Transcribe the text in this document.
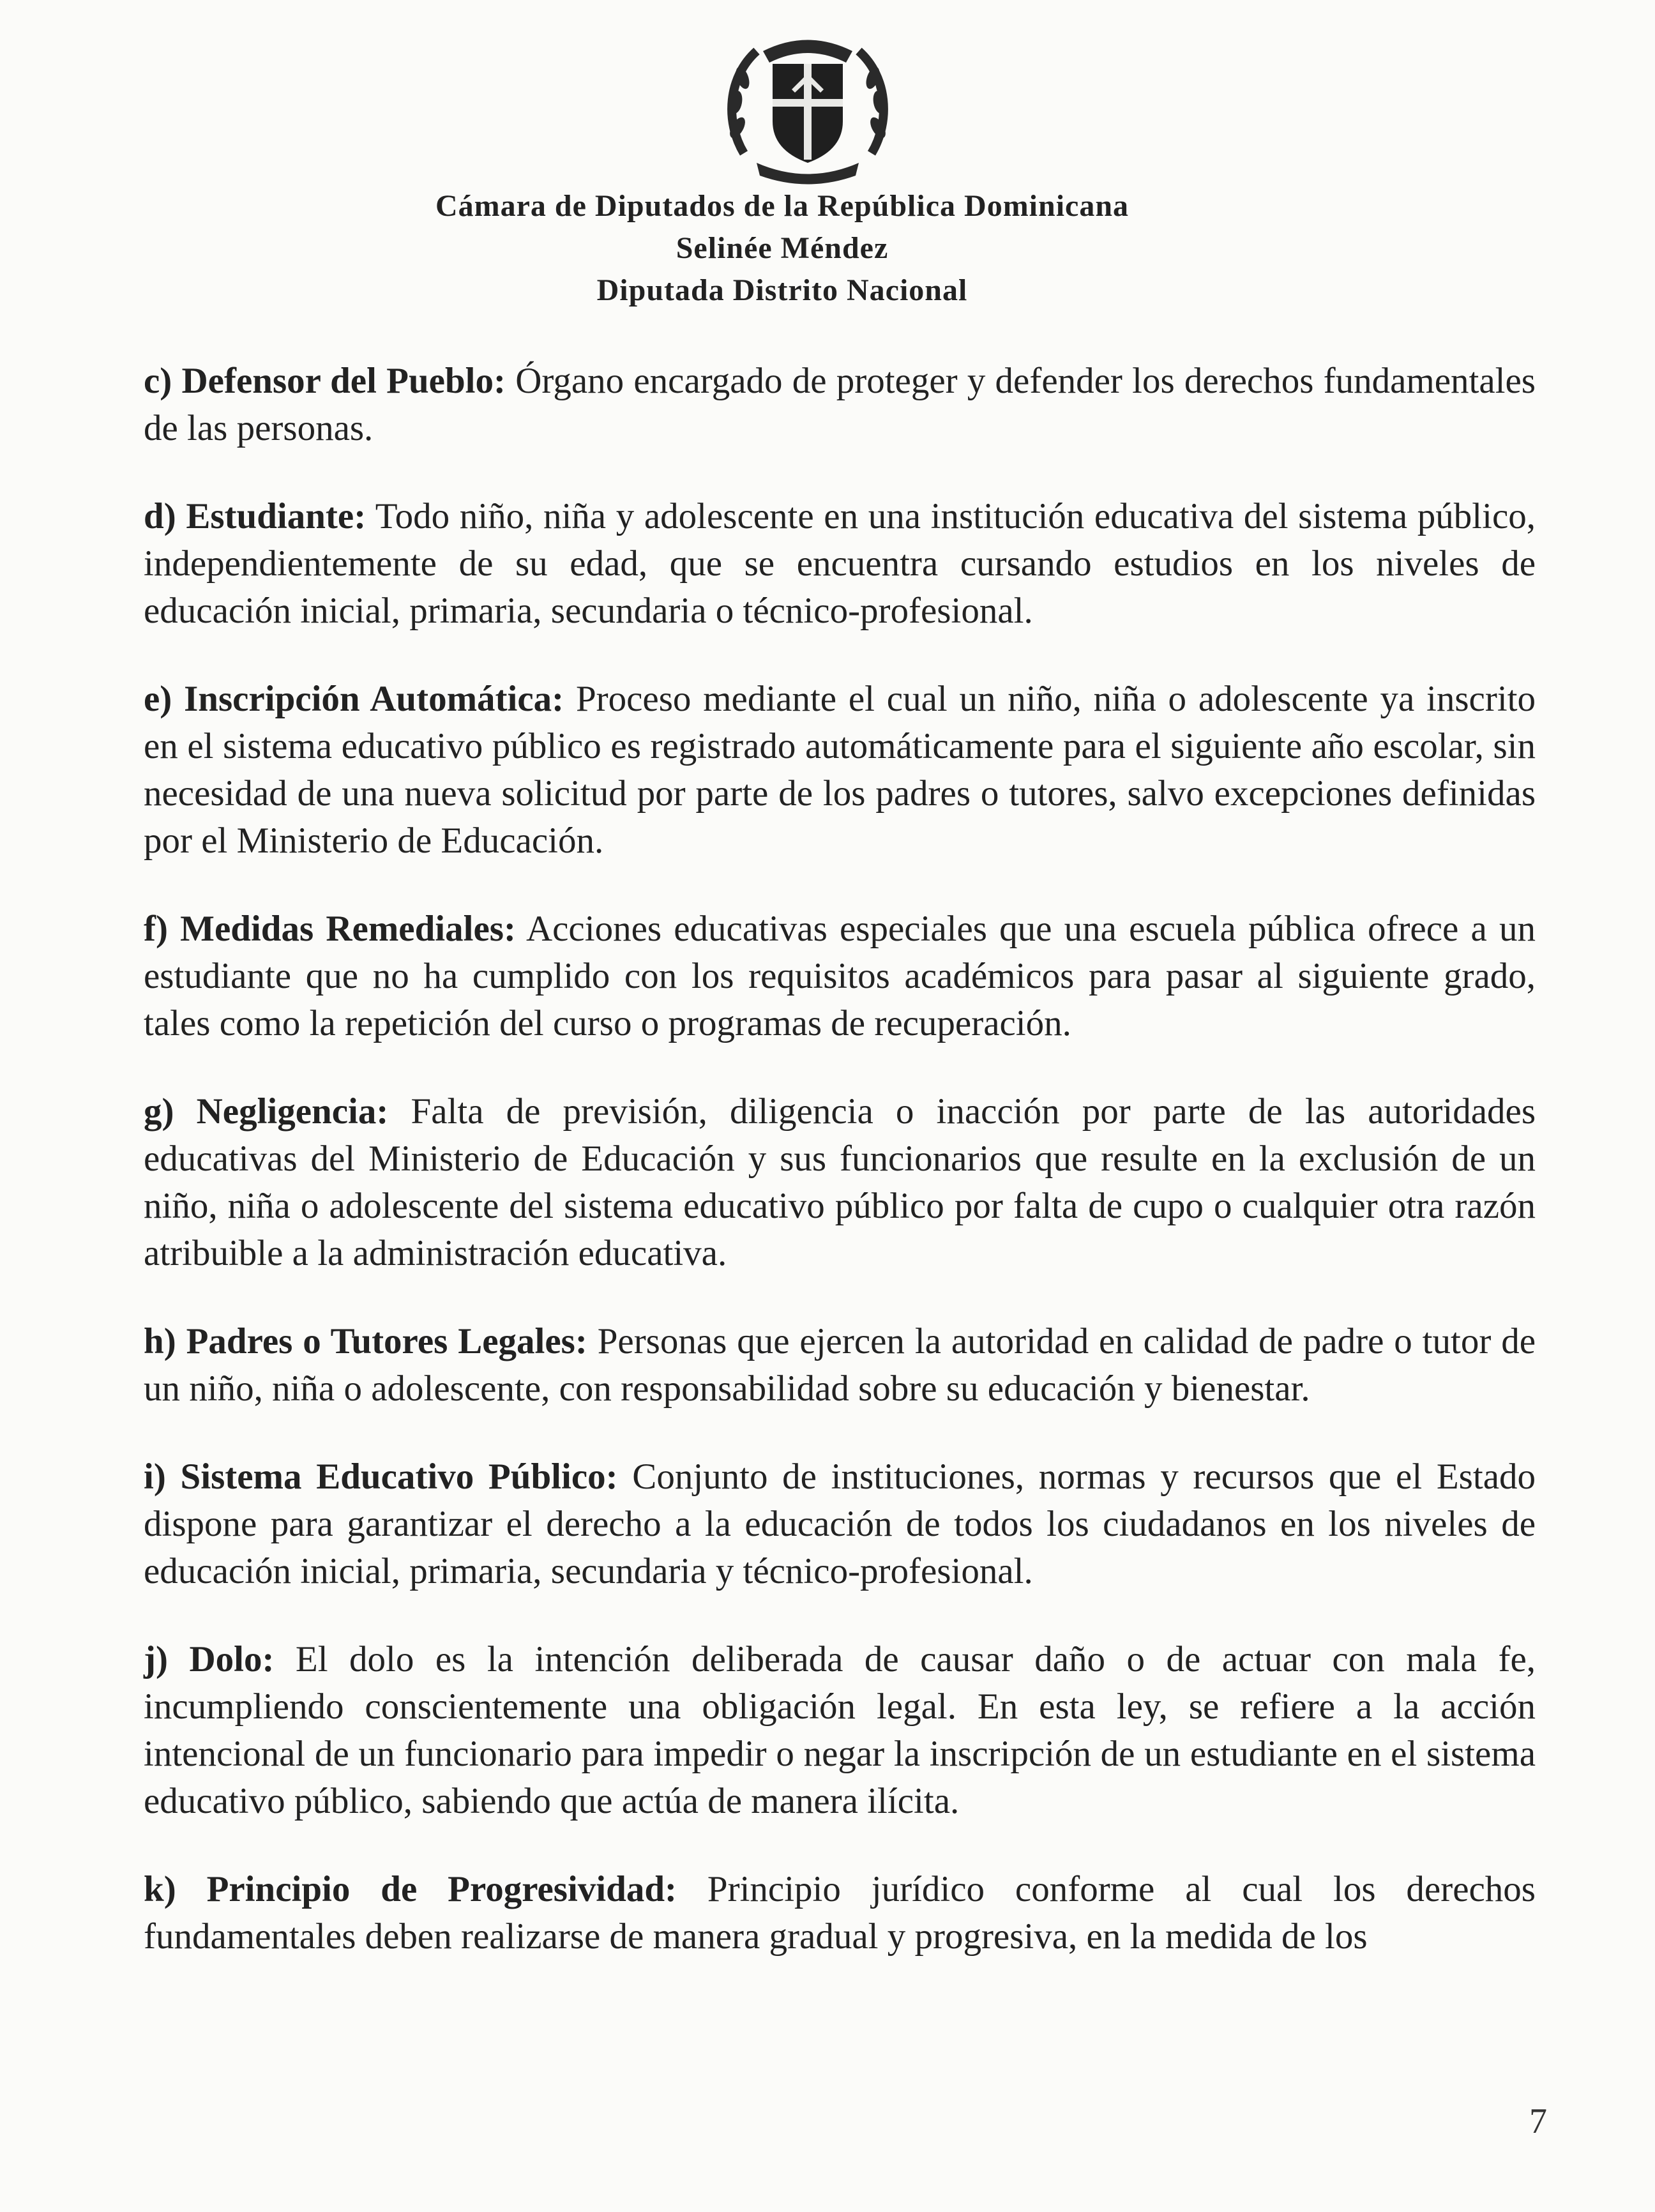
Cámara de Diputados de la República Dominicana
Selinée Méndez
Diputada Distrito Nacional

c) Defensor del Pueblo: Órgano encargado de proteger y defender los derechos fundamentales de las personas.

d) Estudiante: Todo niño, niña y adolescente en una institución educativa del sistema público, independientemente de su edad, que se encuentra cursando estudios en los niveles de educación inicial, primaria, secundaria o técnico-profesional.

e) Inscripción Automática: Proceso mediante el cual un niño, niña o adolescente ya inscrito en el sistema educativo público es registrado automáticamente para el siguiente año escolar, sin necesidad de una nueva solicitud por parte de los padres o tutores, salvo excepciones definidas por el Ministerio de Educación.

f) Medidas Remediales: Acciones educativas especiales que una escuela pública ofrece a un estudiante que no ha cumplido con los requisitos académicos para pasar al siguiente grado, tales como la repetición del curso o programas de recuperación.

g) Negligencia: Falta de previsión, diligencia o inacción por parte de las autoridades educativas del Ministerio de Educación y sus funcionarios que resulte en la exclusión de un niño, niña o adolescente del sistema educativo público por falta de cupo o cualquier otra razón atribuible a la administración educativa.

h) Padres o Tutores Legales: Personas que ejercen la autoridad en calidad de padre o tutor de un niño, niña o adolescente, con responsabilidad sobre su educación y bienestar.

i) Sistema Educativo Público: Conjunto de instituciones, normas y recursos que el Estado dispone para garantizar el derecho a la educación de todos los ciudadanos en los niveles de educación inicial, primaria, secundaria y técnico-profesional.

j) Dolo: El dolo es la intención deliberada de causar daño o de actuar con mala fe, incumpliendo conscientemente una obligación legal. En esta ley, se refiere a la acción intencional de un funcionario para impedir o negar la inscripción de un estudiante en el sistema educativo público, sabiendo que actúa de manera ilícita.

k) Principio de Progresividad: Principio jurídico conforme al cual los derechos fundamentales deben realizarse de manera gradual y progresiva, en la medida de los

7
